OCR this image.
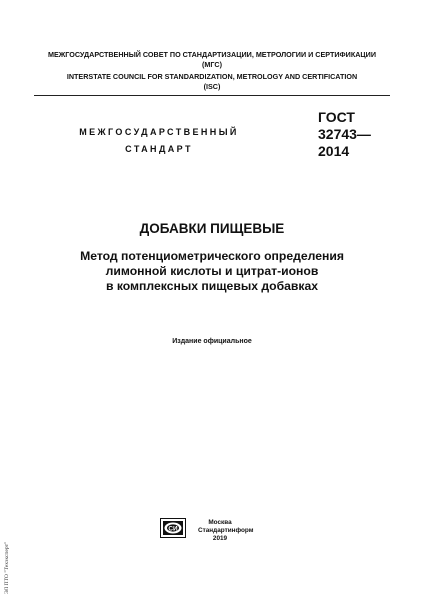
МЕЖГОСУДАРСТВЕННЫЙ СОВЕТ ПО СТАНДАРТИЗАЦИИ, МЕТРОЛОГИИ И СЕРТИФИКАЦИИ
(МГС)
INTERSTATE COUNCIL FOR STANDARDIZATION, METROLOGY AND CERTIFICATION
(ISC)
МЕЖГОСУДАРСТВЕННЫЙ
СТАНДАРТ
ГОСТ
32743—
2014
ДОБАВКИ ПИЩЕВЫЕ
Метод потенциометрического определения
лимонной кислоты и цитрат-ионов
в комплексных пищевых добавках
Издание официальное
СИ
Москва
Стандартинформ
2019
ЭЛ ПТО "Техэксперт"
